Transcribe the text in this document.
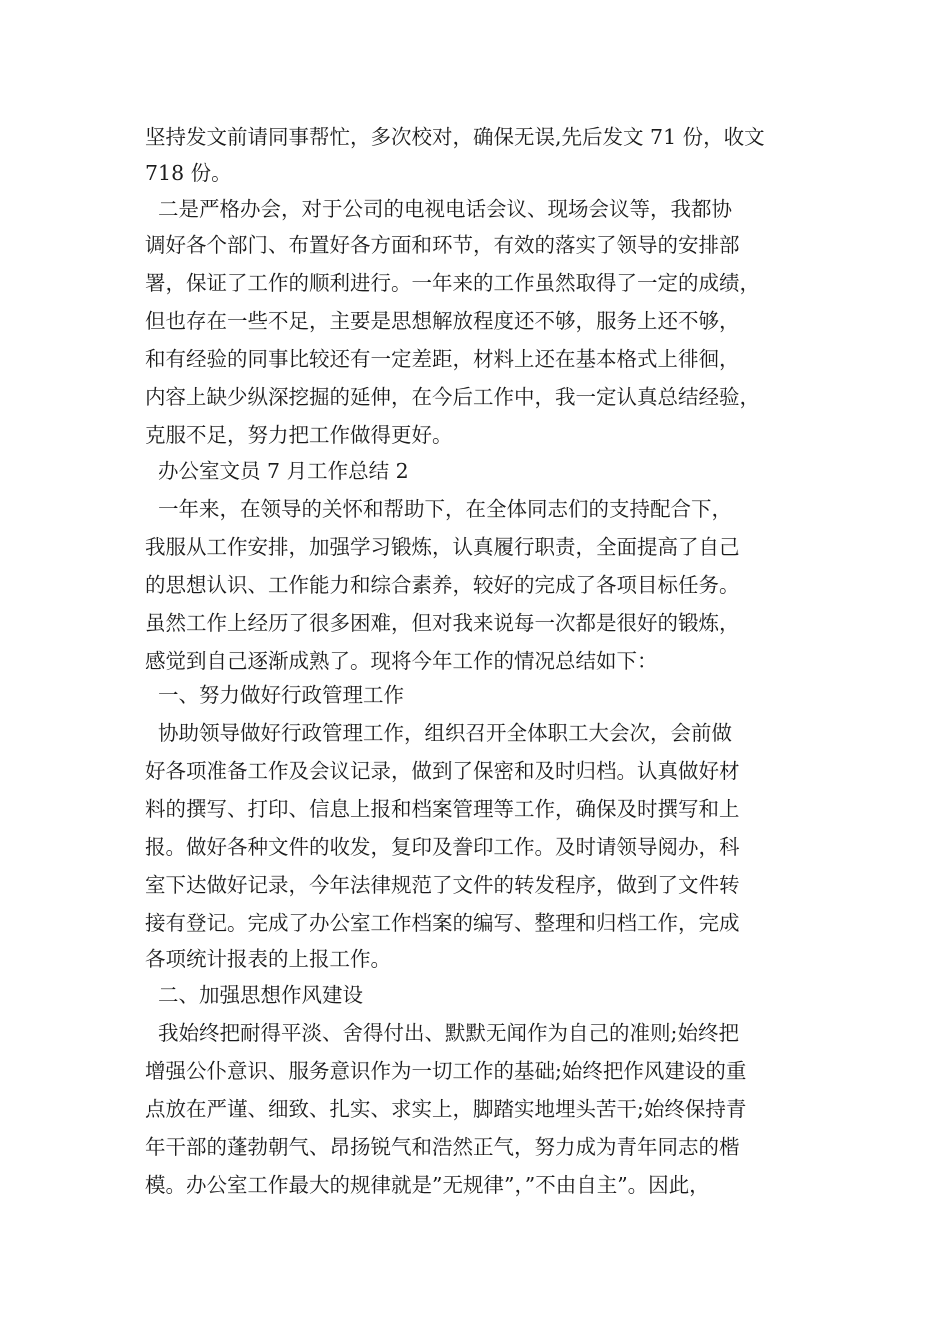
坚持发文前请同事帮忙，多次校对，确保无误,先后发文 71 份，收文
718 份。
二是严格办会，对于公司的电视电话会议、现场会议等，我都协
调好各个部门、布置好各方面和环节，有效的落实了领导的安排部
署，保证了工作的顺利进行。一年来的工作虽然取得了一定的成绩，
但也存在一些不足，主要是思想解放程度还不够，服务上还不够，
和有经验的同事比较还有一定差距，材料上还在基本格式上徘徊，
内容上缺少纵深挖掘的延伸，在今后工作中，我一定认真总结经验，
克服不足，努力把工作做得更好。
办公室文员 7 月工作总结 2
一年来，在领导的关怀和帮助下，在全体同志们的支持配合下，
我服从工作安排，加强学习锻炼，认真履行职责，全面提高了自己
的思想认识、工作能力和综合素养，较好的完成了各项目标任务。
虽然工作上经历了很多困难，但对我来说每一次都是很好的锻炼，
感觉到自己逐渐成熟了。现将今年工作的情况总结如下：
一、努力做好行政管理工作
协助领导做好行政管理工作，组织召开全体职工大会次，会前做
好各项准备工作及会议记录，做到了保密和及时归档。认真做好材
料的撰写、打印、信息上报和档案管理等工作，确保及时撰写和上
报。做好各种文件的收发，复印及誊印工作。及时请领导阅办，科
室下达做好记录，今年法律规范了文件的转发程序，做到了文件转
接有登记。完成了办公室工作档案的编写、整理和归档工作，完成
各项统计报表的上报工作。
二、加强思想作风建设
我始终把耐得平淡、舍得付出、默默无闻作为自己的准则;始终把
增强公仆意识、服务意识作为一切工作的基础;始终把作风建设的重
点放在严谨、细致、扎实、求实上，脚踏实地埋头苦干;始终保持青
年干部的蓬勃朝气、昂扬锐气和浩然正气，努力成为青年同志的楷
模。办公室工作最大的规律就是”无规律”，”不由自主”。因此，
